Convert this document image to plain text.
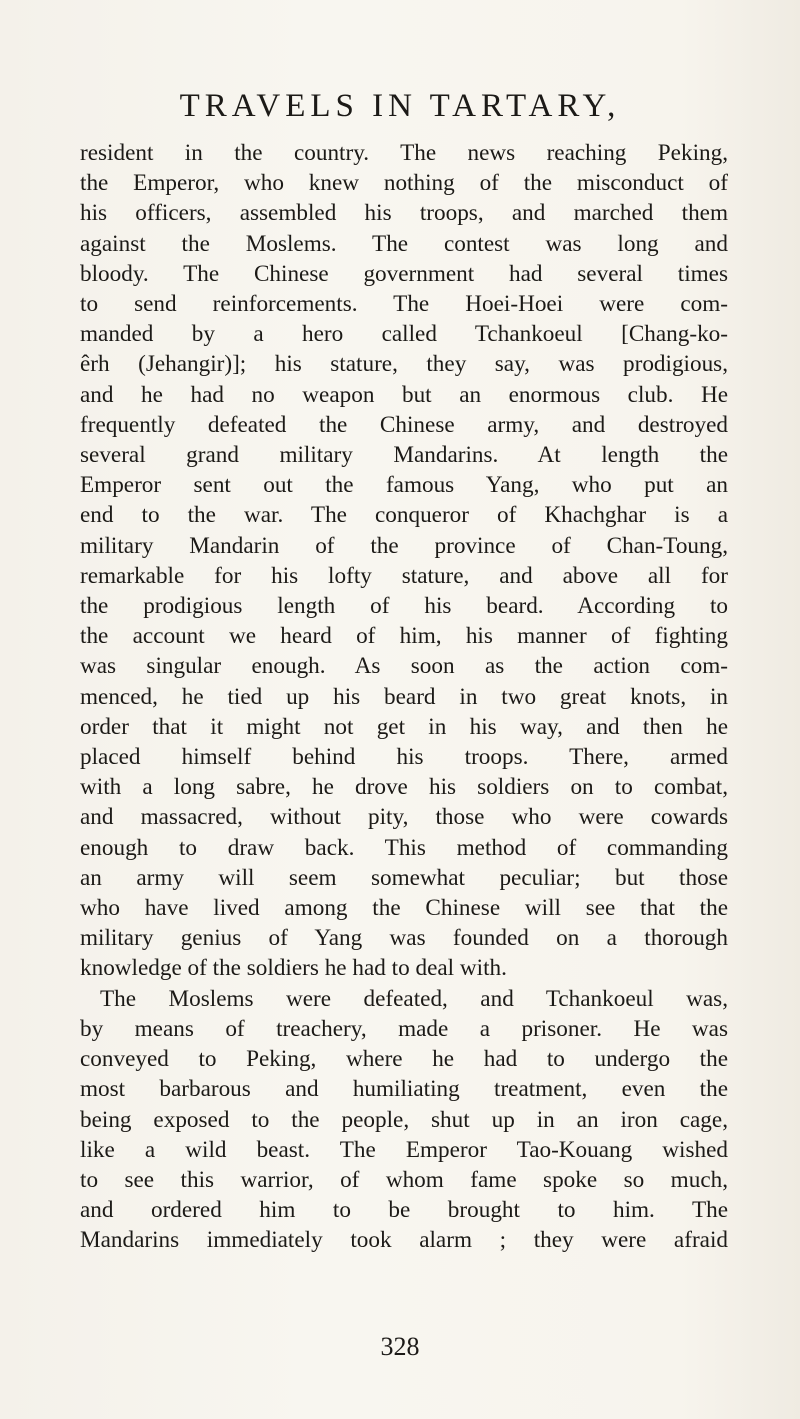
TRAVELS IN TARTARY,
resident in the country. The news reaching Peking,
the Emperor, who knew nothing of the misconduct of
his officers, assembled his troops, and marched them
against the Moslems. The contest was long and
bloody. The Chinese government had several times
to send reinforcements. The Hoei-Hoei were com-
manded by a hero called Tchankoeul [Chang-ko-
êrh (Jehangir)]; his stature, they say, was prodigious,
and he had no weapon but an enormous club. He
frequently defeated the Chinese army, and destroyed
several grand military Mandarins. At length the
Emperor sent out the famous Yang, who put an
end to the war. The conqueror of Khachghar is a
military Mandarin of the province of Chan-Toung,
remarkable for his lofty stature, and above all for
the prodigious length of his beard. According to
the account we heard of him, his manner of fighting
was singular enough. As soon as the action com-
menced, he tied up his beard in two great knots, in
order that it might not get in his way, and then he
placed himself behind his troops. There, armed
with a long sabre, he drove his soldiers on to combat,
and massacred, without pity, those who were cowards
enough to draw back. This method of commanding
an army will seem somewhat peculiar; but those
who have lived among the Chinese will see that the
military genius of Yang was founded on a thorough
knowledge of the soldiers he had to deal with.
The Moslems were defeated, and Tchankoeul was,
by means of treachery, made a prisoner. He was
conveyed to Peking, where he had to undergo the
most barbarous and humiliating treatment, even the
being exposed to the people, shut up in an iron cage,
like a wild beast. The Emperor Tao-Kouang wished
to see this warrior, of whom fame spoke so much,
and ordered him to be brought to him. The
Mandarins immediately took alarm ; they were afraid
328
